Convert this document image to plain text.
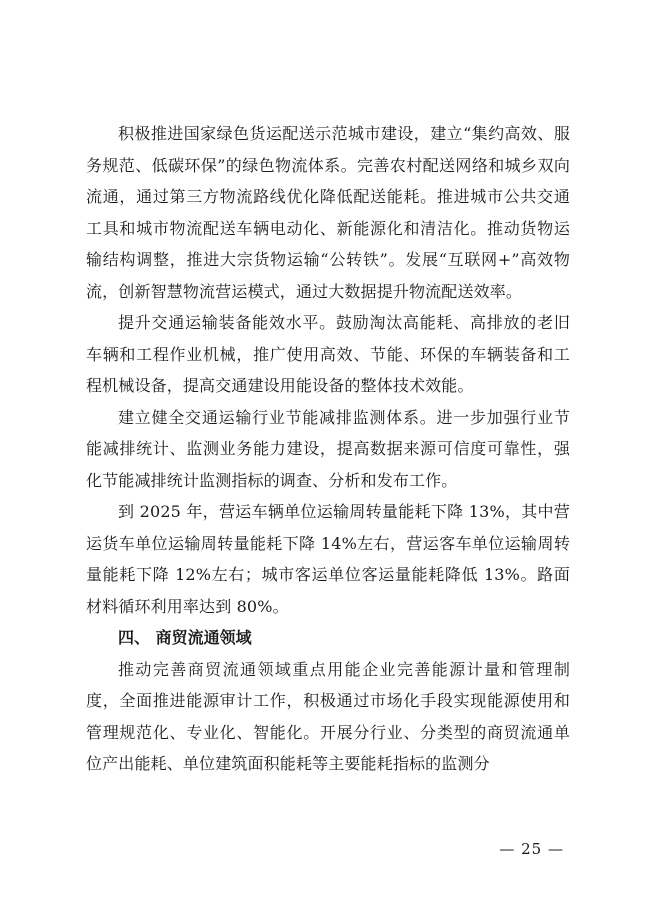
积极推进国家绿色货运配送示范城市建设，建立“集约高效、服务规范、低碳环保”的绿色物流体系。完善农村配送网络和城乡双向流通，通过第三方物流路线优化降低配送能耗。推进城市公共交通工具和城市物流配送车辆电动化、新能源化和清洁化。推动货物运输结构调整，推进大宗货物运输“公转铁”。发展“互联网+”高效物流，创新智慧物流营运模式，通过大数据提升物流配送效率。

提升交通运输装备能效水平。鼓励淘汰高能耗、高排放的老旧车辆和工程作业机械，推广使用高效、节能、环保的车辆装备和工程机械设备，提高交通建设用能设备的整体技术效能。

建立健全交通运输行业节能减排监测体系。进一步加强行业节能减排统计、监测业务能力建设，提高数据来源可信度可靠性，强化节能减排统计监测指标的调查、分析和发布工作。

到 2025 年，营运车辆单位运输周转量能耗下降 13%，其中营运货车单位运输周转量能耗下降 14%左右，营运客车单位运输周转量能耗下降 12%左右；城市客运单位客运量能耗降低 13%。路面材料循环利用率达到 80%。

四、 商贸流通领域

推动完善商贸流通领域重点用能企业完善能源计量和管理制度，全面推进能源审计工作，积极通过市场化手段实现能源使用和管理规范化、专业化、智能化。开展分行业、分类型的商贸流通单位产出能耗、单位建筑面积能耗等主要能耗指标的监测分

— 25 —
